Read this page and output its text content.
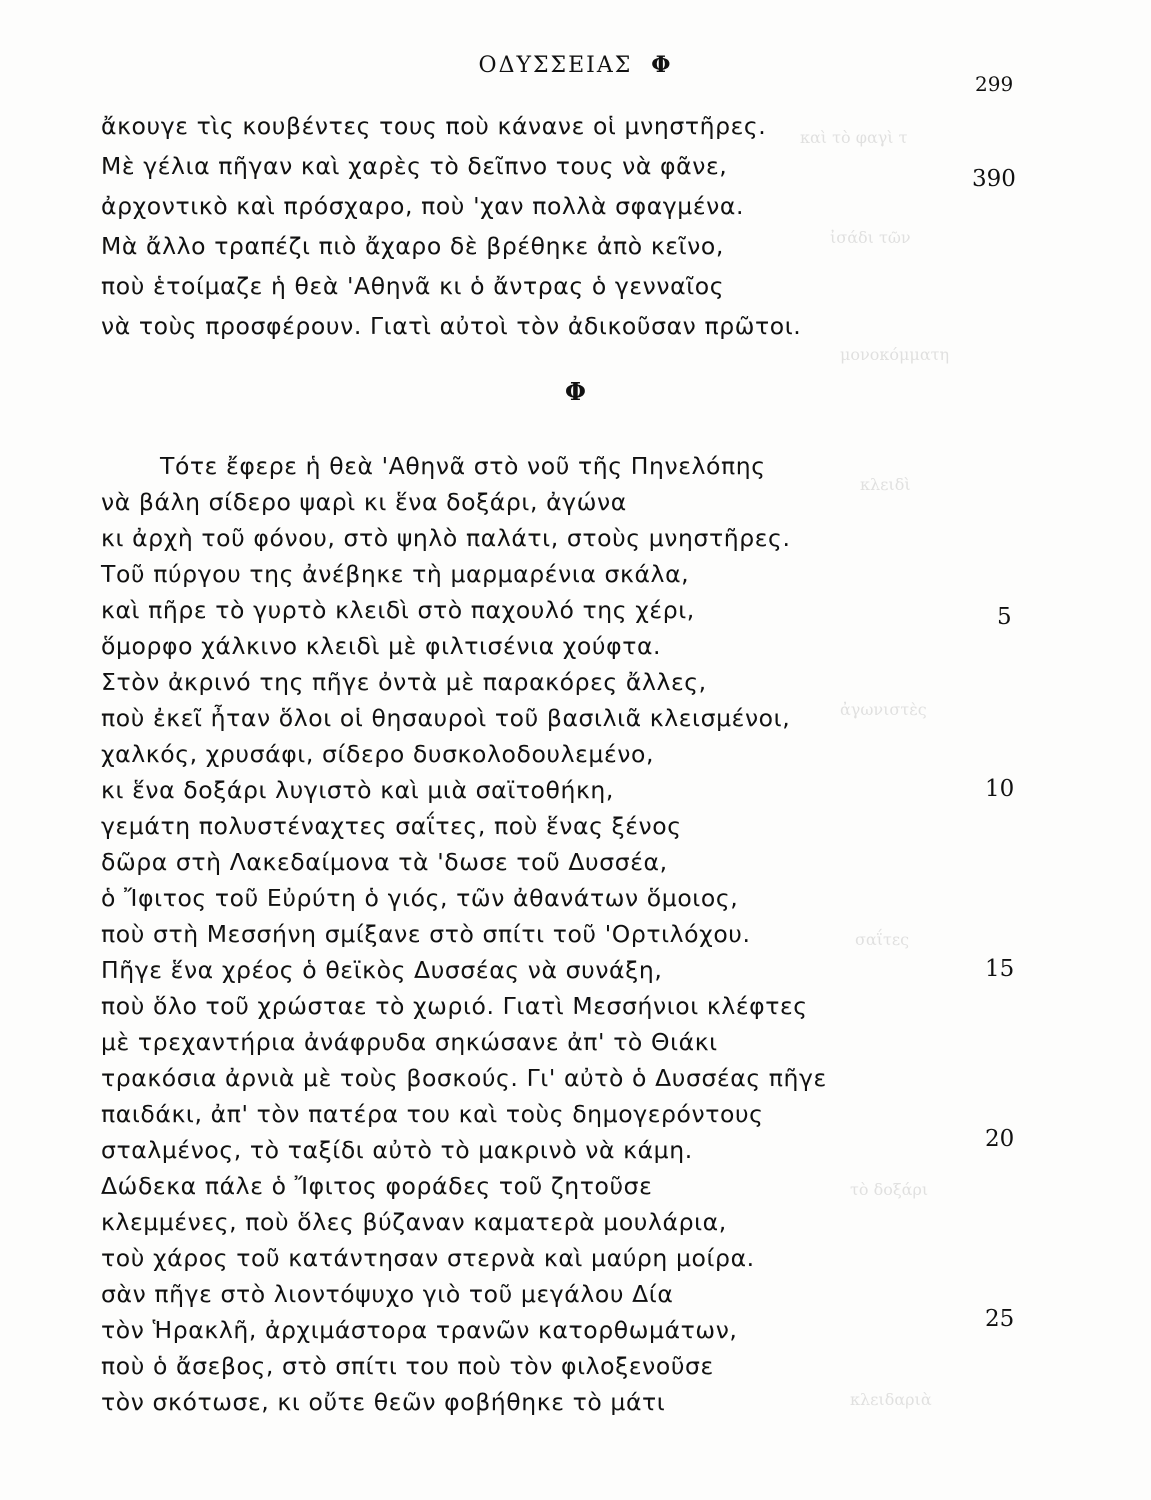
καὶ τὸ φαγὶ τ
ἰσάδι τῶν
μονοκόμματη
κλειδὶ
ἀγωνιστὲς
σαΐτες
τὸ δοξάρι
κλειδαριὰ
ΟΔΥΣΣΕΙΑΣ Φ
299
ἄκουγε τὶς κουβέντες τους ποὺ κάνανε οἱ μνηστῆρες.
Μὲ γέλια πῆγαν καὶ χαρὲς τὸ δεῖπνο τους νὰ φᾶνε,
ἀρχοντικὸ καὶ πρόσχαρο, ποὺ 'χαν πολλὰ σφαγμένα.
Μὰ ἄλλο τραπέζι πιὸ ἄχαρο δὲ βρέθηκε ἀπὸ κεῖνο,
ποὺ ἑτοίμαζε ἡ θεὰ 'Αθηνᾶ κι ὁ ἄντρας ὁ γενναῖος
νὰ τοὺς προσφέρουν. Γιατὶ αὐτοὶ τὸν ἀδικοῦσαν πρῶτοι.
390
Φ
Τότε ἔφερε ἡ θεὰ 'Αθηνᾶ στὸ νοῦ τῆς Πηνελόπης
νὰ βάλη σίδερο ψαρὶ κι ἕνα δοξάρι, ἀγώνα
κι ἀρχὴ τοῦ φόνου, στὸ ψηλὸ παλάτι, στοὺς μνηστῆρες.
Τοῦ πύργου της ἀνέβηκε τὴ μαρμαρένια σκάλα,
καὶ πῆρε τὸ γυρτὸ κλειδὶ στὸ παχουλό της χέρι,
ὅμορφο χάλκινο κλειδὶ μὲ φιλτισένια χούφτα.
Στὸν ἀκρινό της πῆγε ὀντὰ μὲ παρακόρες ἄλλες,
ποὺ ἐκεῖ ἦταν ὅλοι οἱ θησαυροὶ τοῦ βασιλιᾶ κλεισμένοι,
χαλκός, χρυσάφι, σίδερο δυσκολοδουλεμένο,
κι ἕνα δοξάρι λυγιστὸ καὶ μιὰ σαϊτοθήκη,
γεμάτη πολυστέναχτες σαΐτες, ποὺ ἕνας ξένος
δῶρα στὴ Λακεδαίμονα τὰ 'δωσε τοῦ Δυσσέα,
ὁ Ἴφιτος τοῦ Εὐρύτη ὁ γιός, τῶν ἀθανάτων ὅμοιος,
ποὺ στὴ Μεσσήνη σμίξανε στὸ σπίτι τοῦ 'Ορτιλόχου.
Πῆγε ἕνα χρέος ὁ θεϊκὸς Δυσσέας νὰ συνάξη,
ποὺ ὅλο τοῦ χρώσταε τὸ χωριό. Γιατὶ Μεσσήνιοι κλέφτες
μὲ τρεχαντήρια ἀνάφρυδα σηκώσανε ἀπ' τὸ Θιάκι
τρακόσια ἀρνιὰ μὲ τοὺς βοσκούς. Γι' αὐτὸ ὁ Δυσσέας πῆγε
παιδάκι, ἀπ' τὸν πατέρα του καὶ τοὺς δημογερόντους
σταλμένος, τὸ ταξίδι αὐτὸ τὸ μακρινὸ νὰ κάμη.
Δώδεκα πάλε ὁ Ἴφιτος φοράδες τοῦ ζητοῦσε
κλεμμένες, ποὺ ὅλες βύζαναν καματερὰ μουλάρια,
τοὺ χάρος τοῦ κατάντησαν στερνὰ καὶ μαύρη μοίρα.
σὰν πῆγε στὸ λιοντόψυχο γιὸ τοῦ μεγάλου Δία
τὸν Ἡρακλῆ, ἀρχιμάστορα τρανῶν κατορθωμάτων,
ποὺ ὁ ἄσεβος, στὸ σπίτι του ποὺ τὸν φιλοξενοῦσε
τὸν σκότωσε, κι οὔτε θεῶν φοβήθηκε τὸ μάτι
5
10
15
20
25
